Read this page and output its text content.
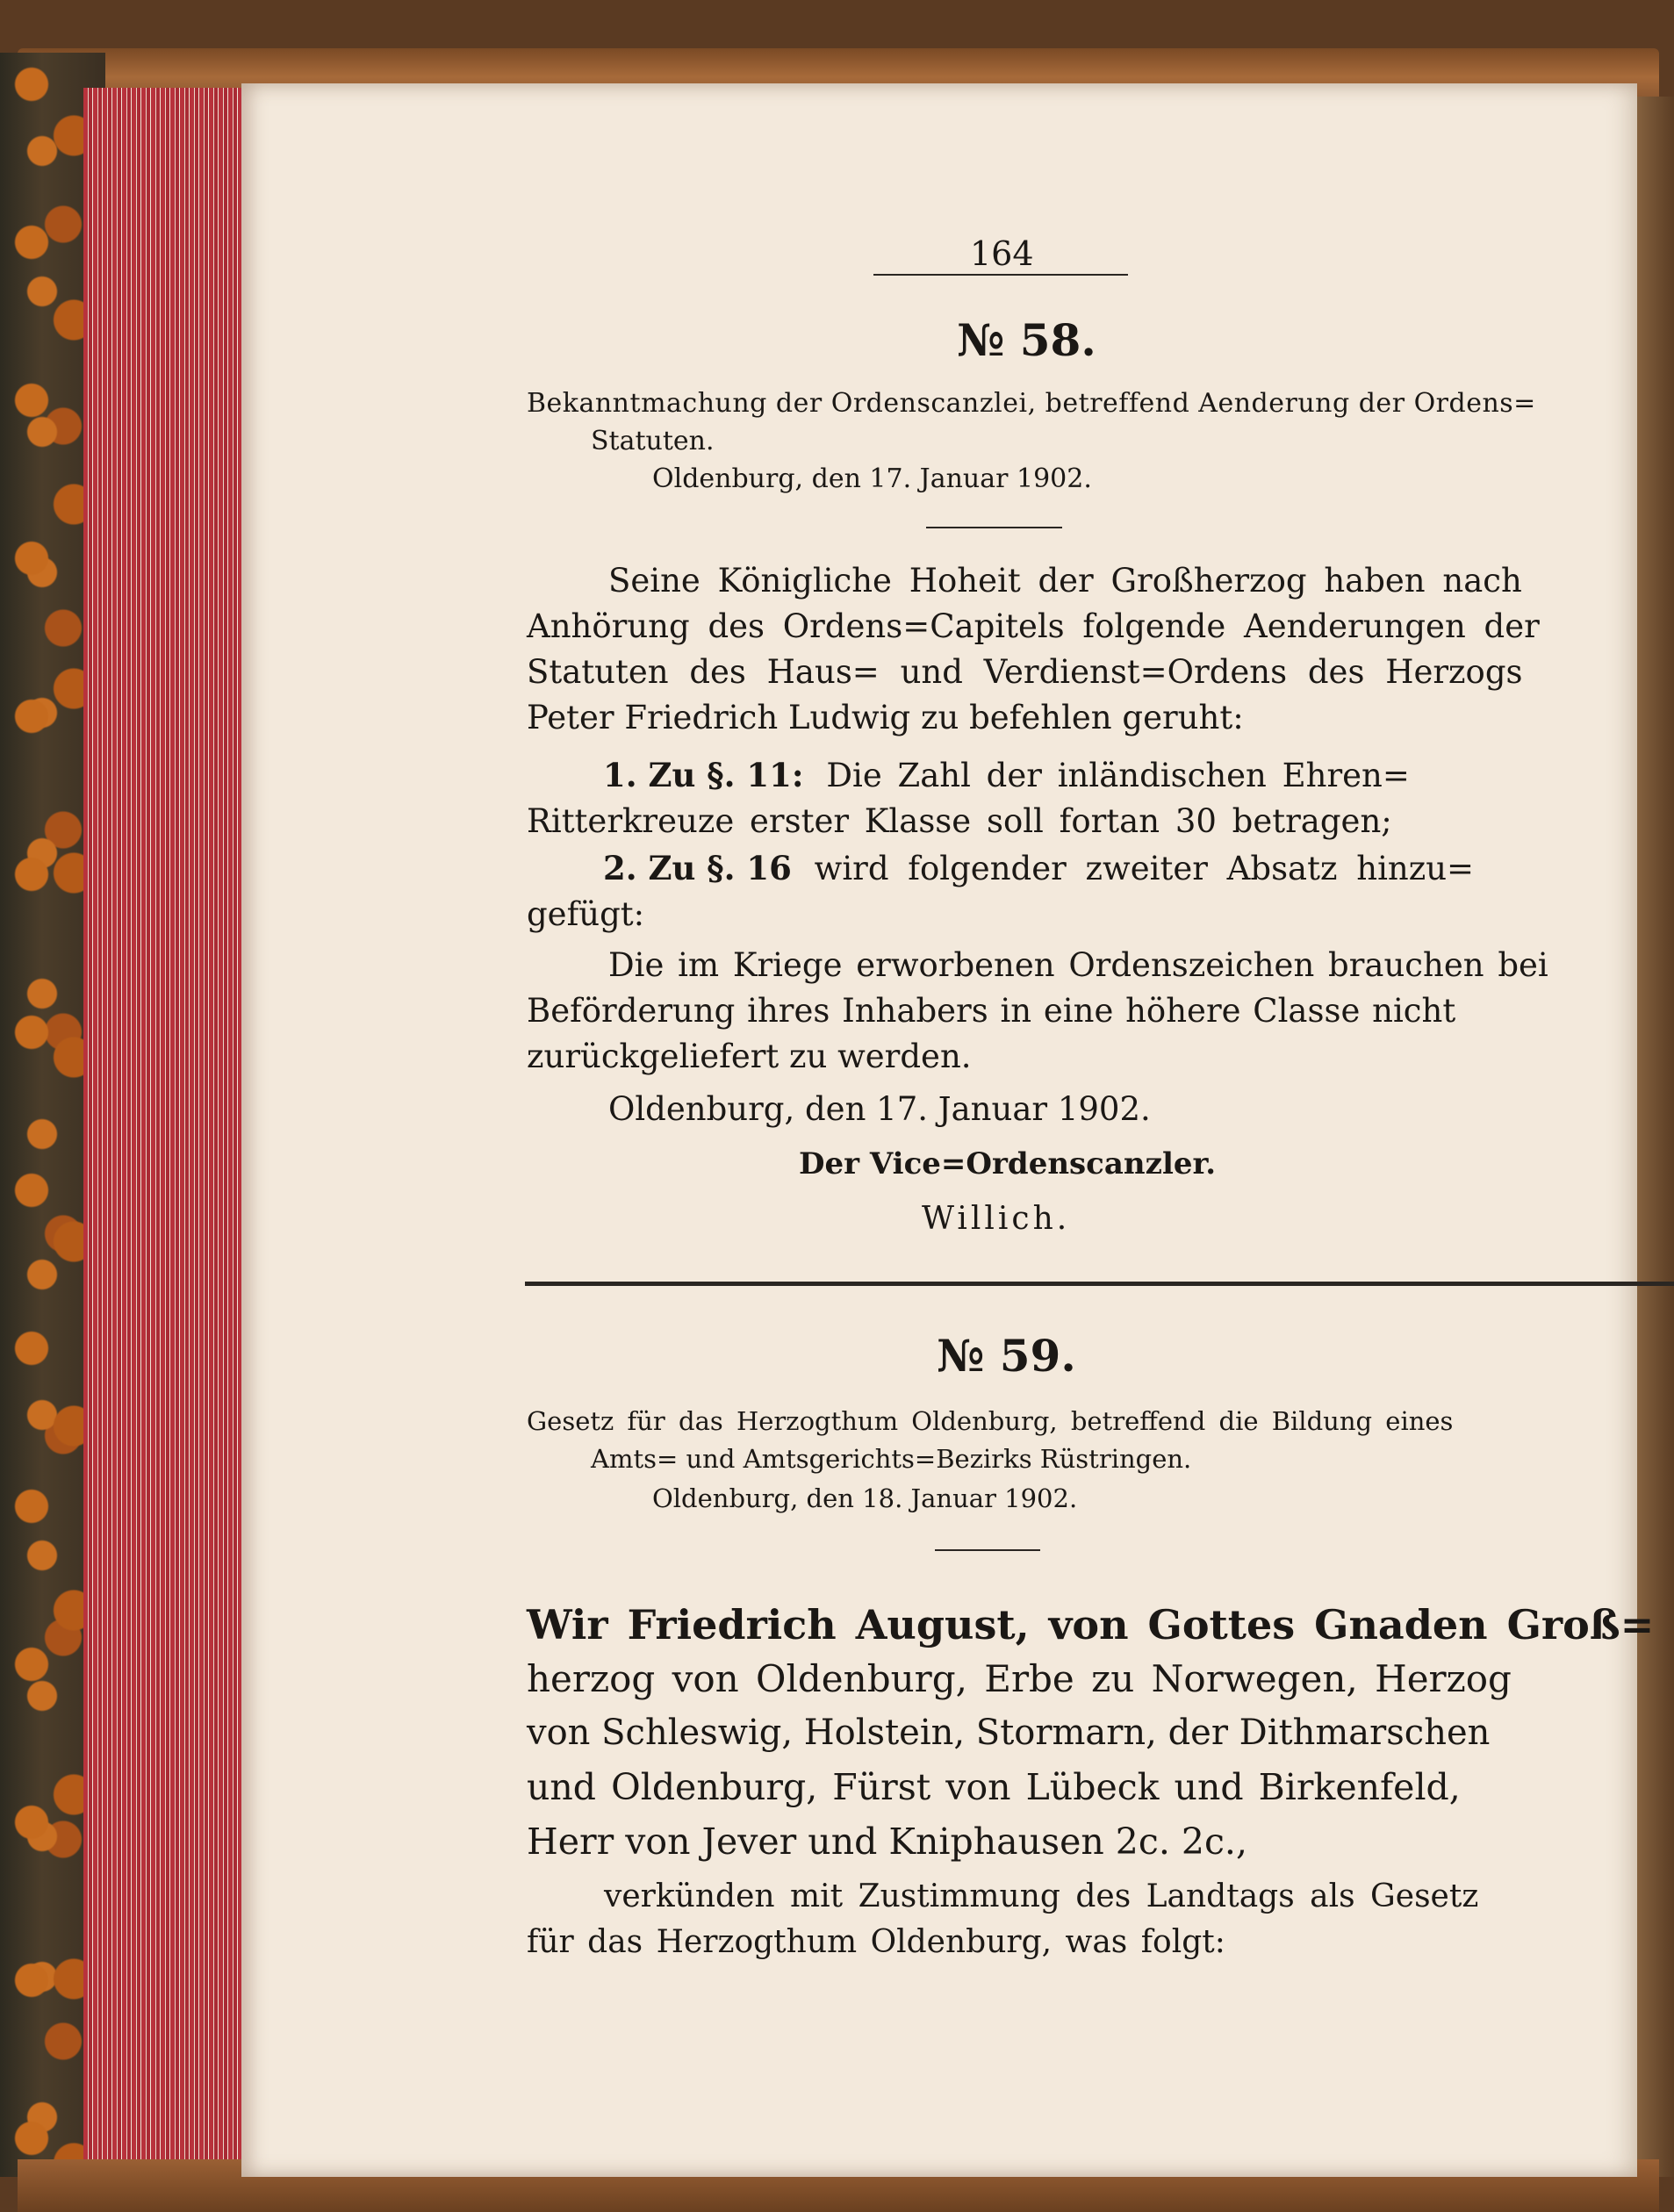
164
№ 58.
Bekanntmachung der Ordenscanzlei, betreffend Aenderung der Ordens=
Statuten.
Oldenburg, den 17. Januar 1902.
Seine Königliche Hoheit der Großherzog haben nach
Anhörung des Ordens=Capitels folgende Aenderungen der
Statuten des Haus= und Verdienst=Ordens des Herzogs
Peter Friedrich Ludwig zu befehlen geruht:
1. Zu §. 11: Die Zahl der inländischen Ehren=
Ritterkreuze erster Klasse soll fortan 30 betragen;
2. Zu §. 16 wird folgender zweiter Absatz hinzu=
gefügt:
Die im Kriege erworbenen Ordenszeichen brauchen bei
Beförderung ihres Inhabers in eine höhere Classe nicht
zurückgeliefert zu werden.
Oldenburg, den 17. Januar 1902.
Der Vice=Ordenscanzler.
Willich.
№ 59.
Gesetz für das Herzogthum Oldenburg, betreffend die Bildung eines
Amts= und Amtsgerichts=Bezirks Rüstringen.
Oldenburg, den 18. Januar 1902.
Wir Friedrich August, von Gottes Gnaden Groß=
herzog von Oldenburg, Erbe zu Norwegen, Herzog
von Schleswig, Holstein, Stormarn, der Dithmarschen
und Oldenburg, Fürst von Lübeck und Birkenfeld,
Herr von Jever und Kniphausen 2c. 2c.,
verkünden mit Zustimmung des Landtags als Gesetz
für das Herzogthum Oldenburg, was folgt:
